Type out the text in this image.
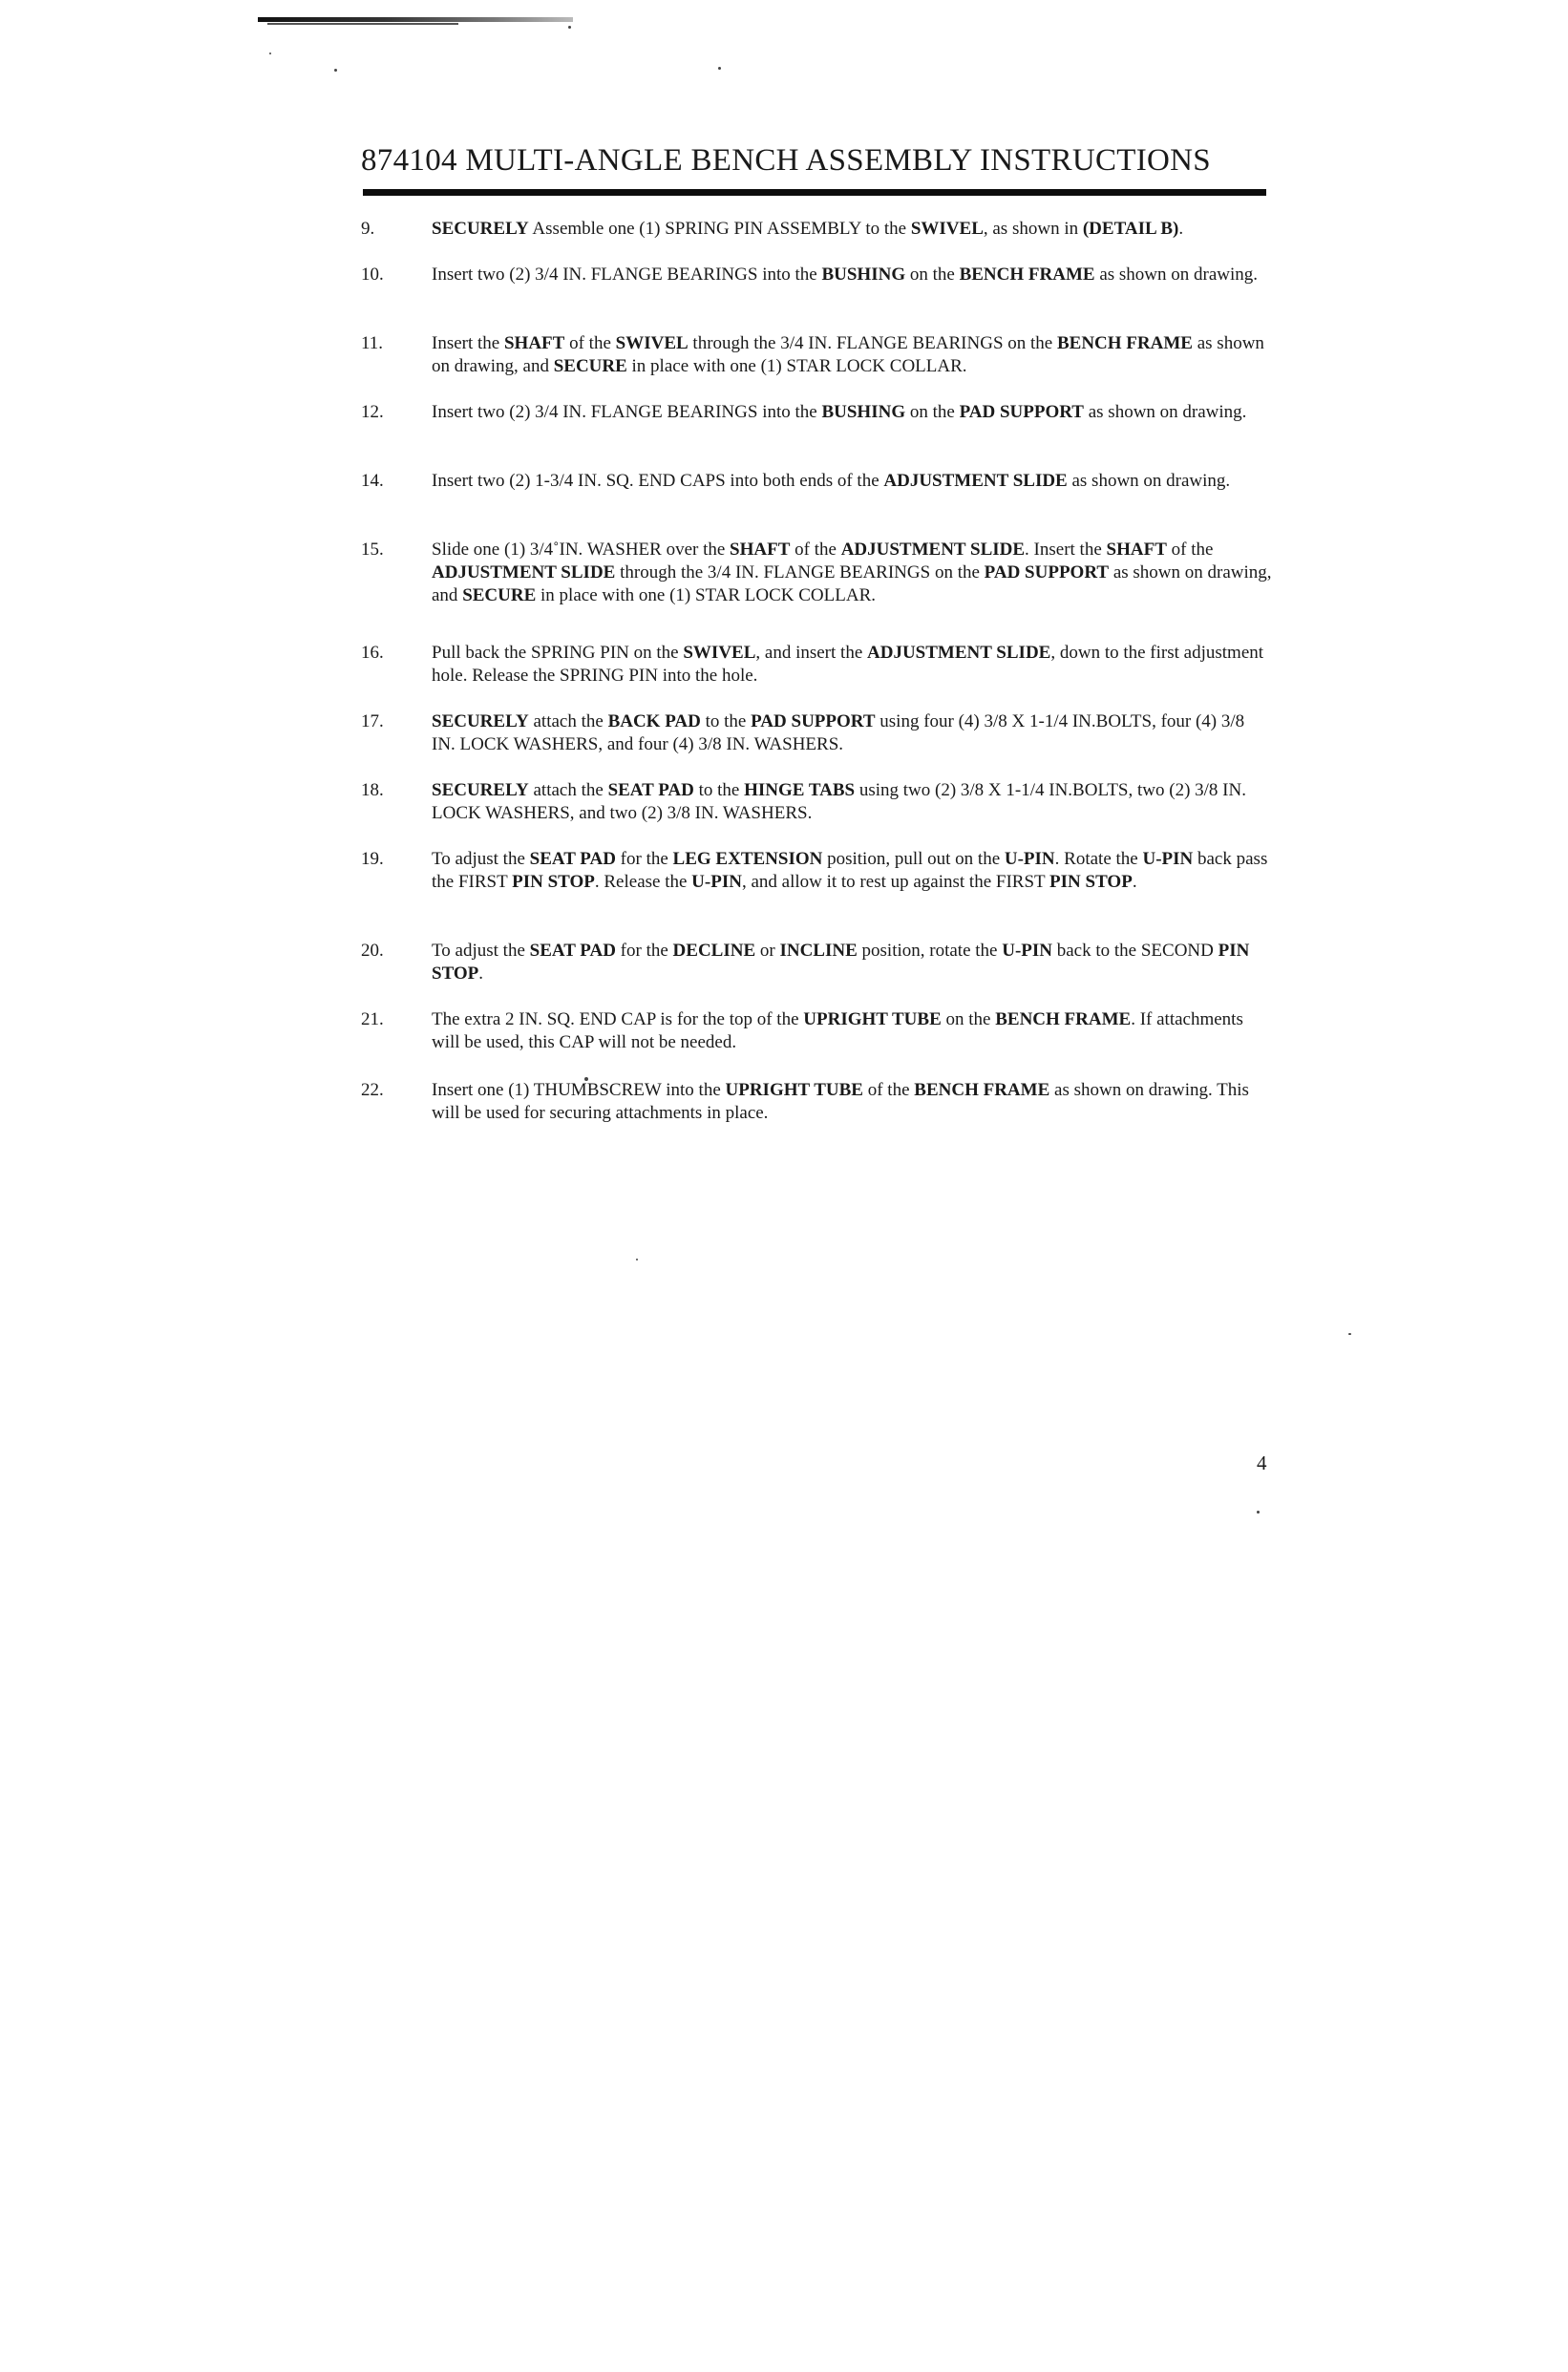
874104 MULTI-ANGLE BENCH ASSEMBLY INSTRUCTIONS
9.	SECURELY Assemble one (1) SPRING PIN ASSEMBLY to the SWIVEL, as shown in (DETAIL B).
10.	Insert two (2) 3/4 IN. FLANGE BEARINGS into the BUSHING on the BENCH FRAME as shown on drawing.
11.	Insert the SHAFT of the SWIVEL through the 3/4 IN. FLANGE BEARINGS on the BENCH FRAME as shown on drawing, and SECURE in place with one (1) STAR LOCK COLLAR.
12.	Insert two (2) 3/4 IN. FLANGE BEARINGS into the BUSHING on the PAD SUPPORT as shown on drawing.
14.	Insert two (2) 1-3/4 IN. SQ. END CAPS into both ends of the ADJUSTMENT SLIDE as shown on drawing.
15.	Slide one (1) 3/4˚IN. WASHER over the SHAFT of the ADJUSTMENT SLIDE. Insert the SHAFT of the ADJUSTMENT SLIDE through the 3/4 IN. FLANGE BEARINGS on the PAD SUPPORT as shown on drawing, and SECURE in place with one (1) STAR LOCK COLLAR.
16.	Pull back the SPRING PIN on the SWIVEL, and insert the ADJUSTMENT SLIDE, down to the first adjustment hole. Release the SPRING PIN into the hole.
17.	SECURELY attach the BACK PAD to the PAD SUPPORT using four (4) 3/8 X 1-1/4 IN.BOLTS, four (4) 3/8 IN. LOCK WASHERS, and four (4) 3/8 IN. WASHERS.
18.	SECURELY attach the SEAT PAD to the HINGE TABS using two (2) 3/8 X 1-1/4 IN.BOLTS, two (2) 3/8 IN. LOCK WASHERS, and two (2) 3/8 IN. WASHERS.
19.	To adjust the SEAT PAD for the LEG EXTENSION position, pull out on the U-PIN. Rotate the U-PIN back pass the FIRST PIN STOP. Release the U-PIN, and allow it to rest up against the FIRST PIN STOP.
20.	To adjust the SEAT PAD for the DECLINE or INCLINE position, rotate the U-PIN back to the SECOND PIN STOP.
21.	The extra 2 IN. SQ. END CAP is for the top of the UPRIGHT TUBE on the BENCH FRAME. If attachments will be used, this CAP will not be needed.
22.	Insert one (1) THUMBSCREW into the UPRIGHT TUBE of the BENCH FRAME as shown on drawing. This will be used for securing attachments in place.
4
